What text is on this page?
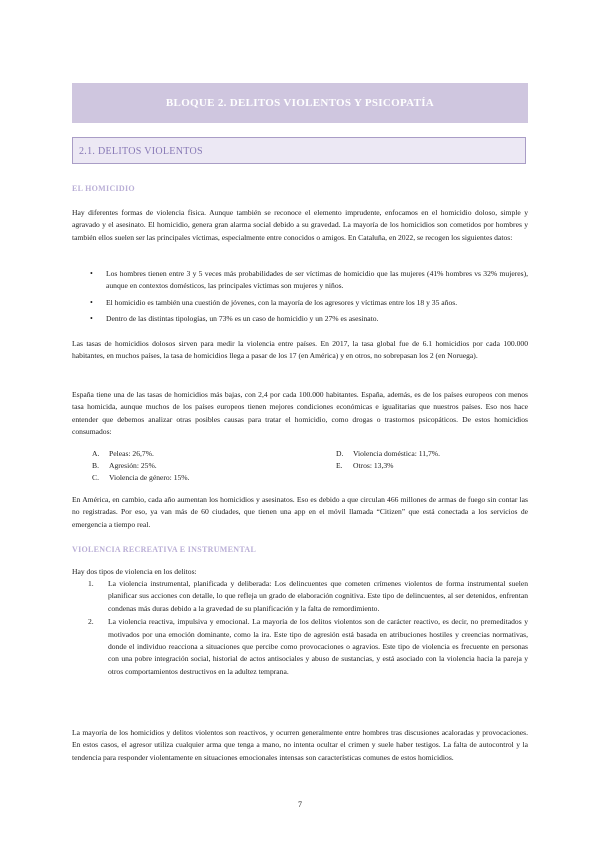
BLOQUE 2. DELITOS VIOLENTOS Y PSICOPATÍA
2.1. DELITOS VIOLENTOS
EL HOMICIDIO

Hay diferentes formas de violencia física. Aunque también se reconoce el elemento imprudente, enfocamos en el homicidio doloso, simple y agravado y el asesinato. El homicidio, genera gran alarma social debido a su gravedad. La mayoría de los homicidios son cometidos por hombres y también ellos suelen ser las principales víctimas, especialmente entre conocidos o amigos. En Cataluña, en 2022, se recogen los siguientes datos:

• Los hombres tienen entre 3 y 5 veces más probabilidades de ser víctimas de homicidio que las mujeres (41% hombres vs 32% mujeres), aunque en contextos domésticos, las principales víctimas son mujeres y niños.
• El homicidio es también una cuestión de jóvenes, con la mayoría de los agresores y víctimas entre los 18 y 35 años.
• Dentro de las distintas tipologías, un 73% es un caso de homicidio y un 27% es asesinato.

Las tasas de homicidios dolosos sirven para medir la violencia entre países. En 2017, la tasa global fue de 6.1 homicidios por cada 100.000 habitantes, en muchos países, la tasa de homicidios llega a pasar de los 17 (en América) y en otros, no sobrepasan los 2 (en Noruega).

España tiene una de las tasas de homicidios más bajas, con 2,4 por cada 100.000 habitantes. España, además, es de los países europeos con menos tasa homicida, aunque muchos de los países europeos tienen mejores condiciones económicas e igualitarias que nuestros países. Eso nos hace entender que debemos analizar otras posibles causas para tratar el homicidio, como drogas o trastornos psicopáticos. De estos homicidios consumados:

A. Peleas: 26,7%.
B. Agresión: 25%.
C. Violencia de género: 15%.
D. Violencia doméstica: 11,7%.
E. Otros: 13,3%

En América, en cambio, cada año aumentan los homicidios y asesinatos. Eso es debido a que circulan 466 millones de armas de fuego sin contar las no registradas. Por eso, ya van más de 60 ciudades, que tienen una app en el móvil llamada “Citizen” que está conectada a los servicios de emergencia a tiempo real.

VIOLENCIA RECREATIVA E INSTRUMENTAL

Hay dos tipos de violencia en los delitos:

1. La violencia instrumental, planificada y deliberada: Los delincuentes que cometen crímenes violentos de forma instrumental suelen planificar sus acciones con detalle, lo que refleja un grado de elaboración cognitiva. Este tipo de delincuentes, al ser detenidos, enfrentan condenas más duras debido a la gravedad de su planificación y la falta de remordimiento.
2. La violencia reactiva, impulsiva y emocional. La mayoría de los delitos violentos son de carácter reactivo, es decir, no premeditados y motivados por una emoción dominante, como la ira. Este tipo de agresión está basada en atribuciones hostiles y creencias normativas, donde el individuo reacciona a situaciones que percibe como provocaciones o agravios. Este tipo de violencia es frecuente en personas con una pobre integración social, historial de actos antisociales y abuso de sustancias, y está asociado con la violencia hacia la pareja y otros comportamientos destructivos en la adultez temprana.

La mayoría de los homicidios y delitos violentos son reactivos, y ocurren generalmente entre hombres tras discusiones acaloradas y provocaciones. En estos casos, el agresor utiliza cualquier arma que tenga a mano, no intenta ocultar el crimen y suele haber testigos. La falta de autocontrol y la tendencia para responder violentamente en situaciones emocionales intensas son características comunes de estos homicidios.

7
